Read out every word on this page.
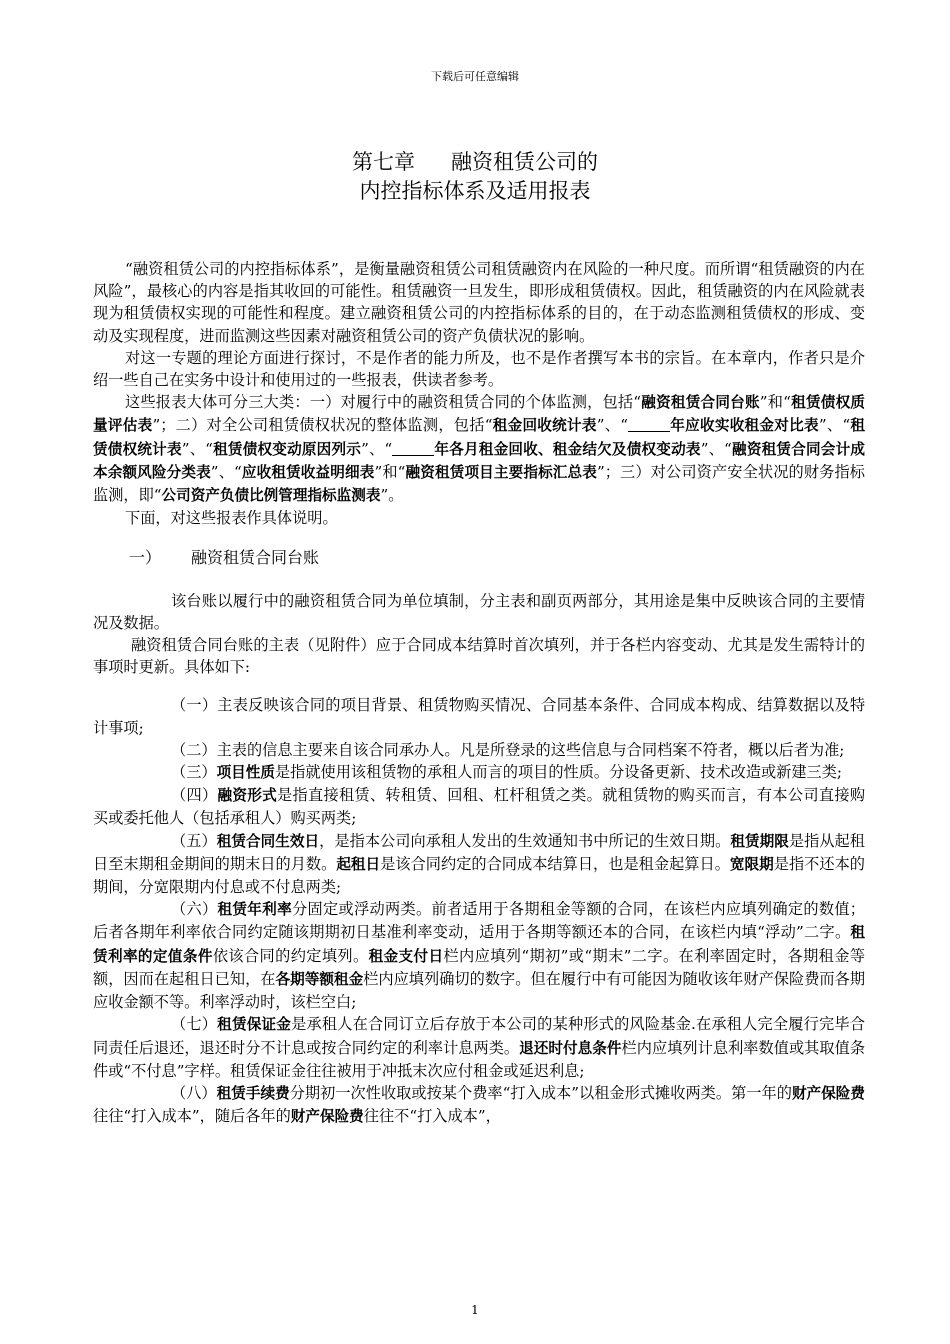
下载后可任意编辑
第七章 融资租赁公司的
内控指标体系及适用报表

“融资租赁公司的内控指标体系”，是衡量融资租赁公司租赁融资内在风险的一种尺度。而所谓“租赁融资的内在风险”，最核心的内容是指其收回的可能性。租赁融资一旦发生，即形成租赁债权。因此，租赁融资的内在风险就表现为租赁债权实现的可能性和程度。建立融资租赁公司的内控指标体系的目的，在于动态监测租赁债权的形成、变动及实现程度，进而监测这些因素对融资租赁公司的资产负债状况的影响。

对这一专题的理论方面进行探讨，不是作者的能力所及，也不是作者撰写本书的宗旨。在本章内，作者只是介绍一些自己在实务中设计和使用过的一些报表，供读者参考。

这些报表大体可分三大类：一）对履行中的融资租赁合同的个体监测，包括“融资租赁合同台账”和“租赁债权质量评估表”；二）对全公司租赁债权状况的整体监测，包括“租金回收统计表”、“	年应收实收租金对比表”、“租赁债权统计表”、“租赁债权变动原因列示”、“	年各月租金回收、租金结欠及债权变动表”、“融资租赁合同会计成本余额风险分类表”、“应收租赁收益明细表”和“融资租赁项目主要指标汇总表”；三）对公司资产安全状况的财务指标监测，即“公司资产负债比例管理指标监测表”。

下面，对这些报表作具体说明。

一） 融资租赁合同台账

该台账以履行中的融资租赁合同为单位填制，分主表和副页两部分，其用途是集中反映该合同的主要情况及数据。

融资租赁合同台账的主表（见附件）应于合同成本结算时首次填列，并于各栏内容变动、尤其是发生需特计的事项时更新。具体如下:

（一）主表反映该合同的项目背景、租赁物购买情况、合同基本条件、合同成本构成、结算数据以及特计事项;

（二）主表的信息主要来自该合同承办人。凡是所登录的这些信息与合同档案不符者，概以后者为准;

（三）项目性质是指就使用该租赁物的承租人而言的项目的性质。分设备更新、技术改造或新建三类;

（四）融资形式是指直接租赁、转租赁、回租、杠杆租赁之类。就租赁物的购买而言，有本公司直接购买或委托他人（包括承租人）购买两类;

（五）租赁合同生效日，是指本公司向承租人发出的生效通知书中所记的生效日期。租赁期限是指从起租日至末期租金期间的期末日的月数。起租日是该合同约定的合同成本结算日，也是租金起算日。宽限期是指不还本的期间，分宽限期内付息或不付息两类;

（六）租赁年利率分固定或浮动两类。前者适用于各期租金等额的合同，在该栏内应填列确定的数值；后者各期年利率依合同约定随该期期初日基准利率变动，适用于各期等额还本的合同，在该栏内填“浮动”二字。租赁利率的定值条件依该合同的约定填列。租金支付日栏内应填列“期初”或“期末”二字。在利率固定时，各期租金等额，因而在起租日已知，在各期等额租金栏内应填列确切的数字。但在履行中有可能因为随收该年财产保险费而各期应收金额不等。利率浮动时，该栏空白;

（七）租赁保证金是承租人在合同订立后存放于本公司的某种形式的风险基金.在承租人完全履行完毕合同责任后退还，退还时分不计息或按合同约定的利率计息两类。退还时付息条件栏内应填列计息利率数值或其取值条件或“不付息”字样。租赁保证金往往被用于冲抵末次应付租金或延迟利息;

（八）租赁手续费分期初一次性收取或按某个费率“打入成本”以租金形式摊收两类。第一年的财产保险费往往“打入成本”，随后各年的财产保险费往往不“打入成本”，

1
